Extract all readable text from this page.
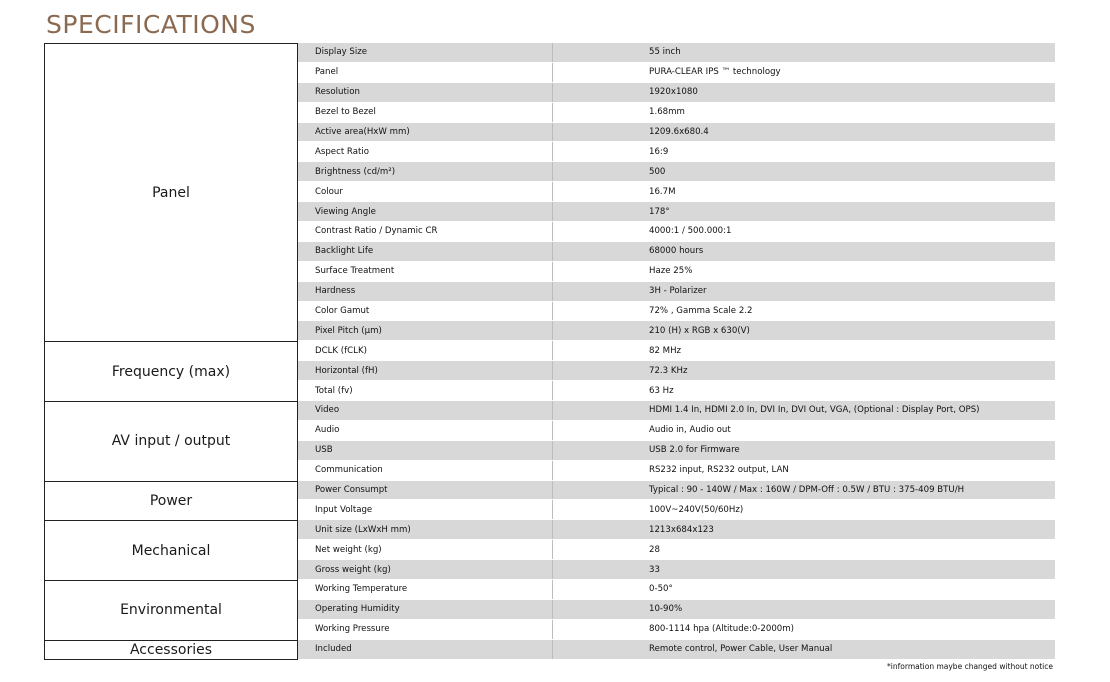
SPECIFICATIONS
Panel
Display Size	55 inch
Panel	PURA-CLEAR IPS ™ technology
Resolution	1920x1080
Bezel to Bezel	1.68mm
Active area(HxW mm)	1209.6x680.4
Aspect Ratio	16:9
Brightness (cd/m²)	500
Colour	16.7M
Viewing Angle	178°
Contrast Ratio / Dynamic CR	4000:1 / 500.000:1
Backlight Life	68000 hours
Surface Treatment	Haze 25%
Hardness	3H - Polarizer
Color Gamut	72% , Gamma Scale 2.2
Pixel Pitch (μm)	210 (H) x RGB x 630(V)
Frequency (max)
DCLK (fCLK)	82 MHz
Horizontal (fH)	72.3 KHz
Total (fv)	63 Hz
AV input / output
Video	HDMI 1.4 In, HDMI 2.0 In, DVI In, DVI Out, VGA, (Optional : Display Port, OPS)
Audio	Audio in, Audio out
USB	USB 2.0 for Firmware
Communication	RS232 input, RS232 output, LAN
Power
Power Consumpt	Typical : 90 - 140W / Max : 160W / DPM-Off : 0.5W / BTU : 375-409 BTU/H
Input Voltage	100V~240V(50/60Hz)
Mechanical
Unit size (LxWxH mm)	1213x684x123
Net weight (kg)	28
Gross weight (kg)	33
Environmental
Working Temperature	0-50°
Operating Humidity	10-90%
Working Pressure	800-1114 hpa (Altitude:0-2000m)
Accessories	Included	Remote control, Power Cable, User Manual
*information maybe changed without notice
